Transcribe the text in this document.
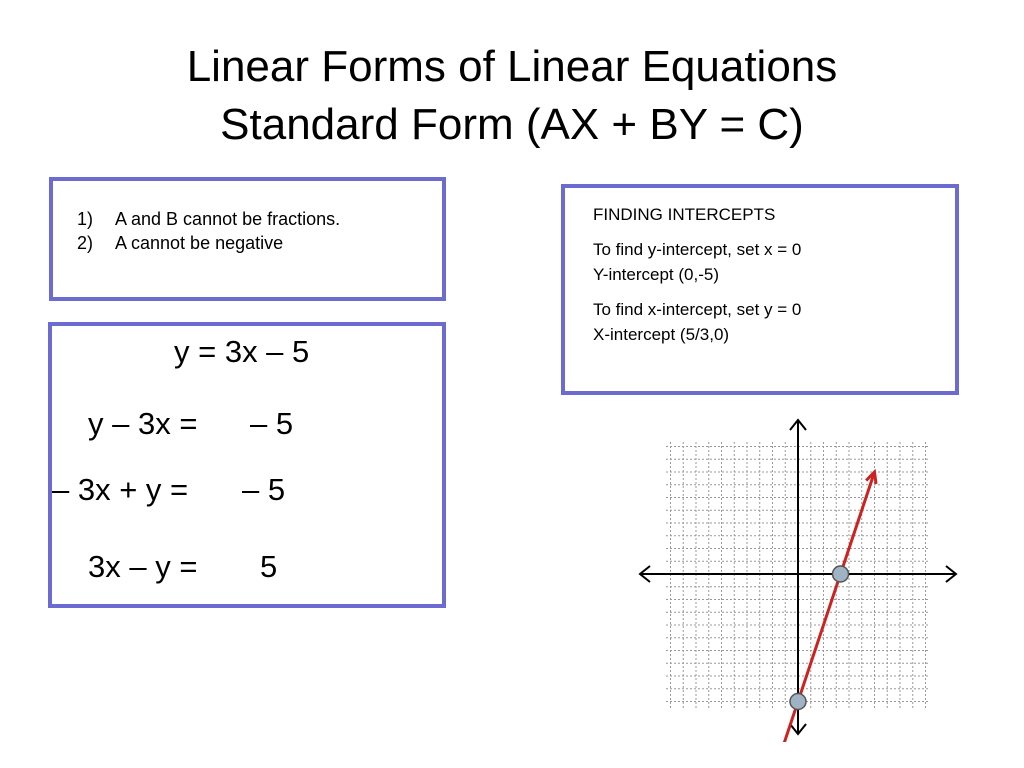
Linear Forms of Linear Equations
Standard Form (AX + BY = C)
1) A and B cannot be fractions.
2) A cannot be negative
FINDING INTERCEPTS
To find y-intercept, set x = 0
Y-intercept (0,-5)
To find x-intercept, set y = 0
X-intercept (5/3,0)
y = 3x – 5
y – 3x = – 5
– 3x + y = – 5
3x – y = 5
